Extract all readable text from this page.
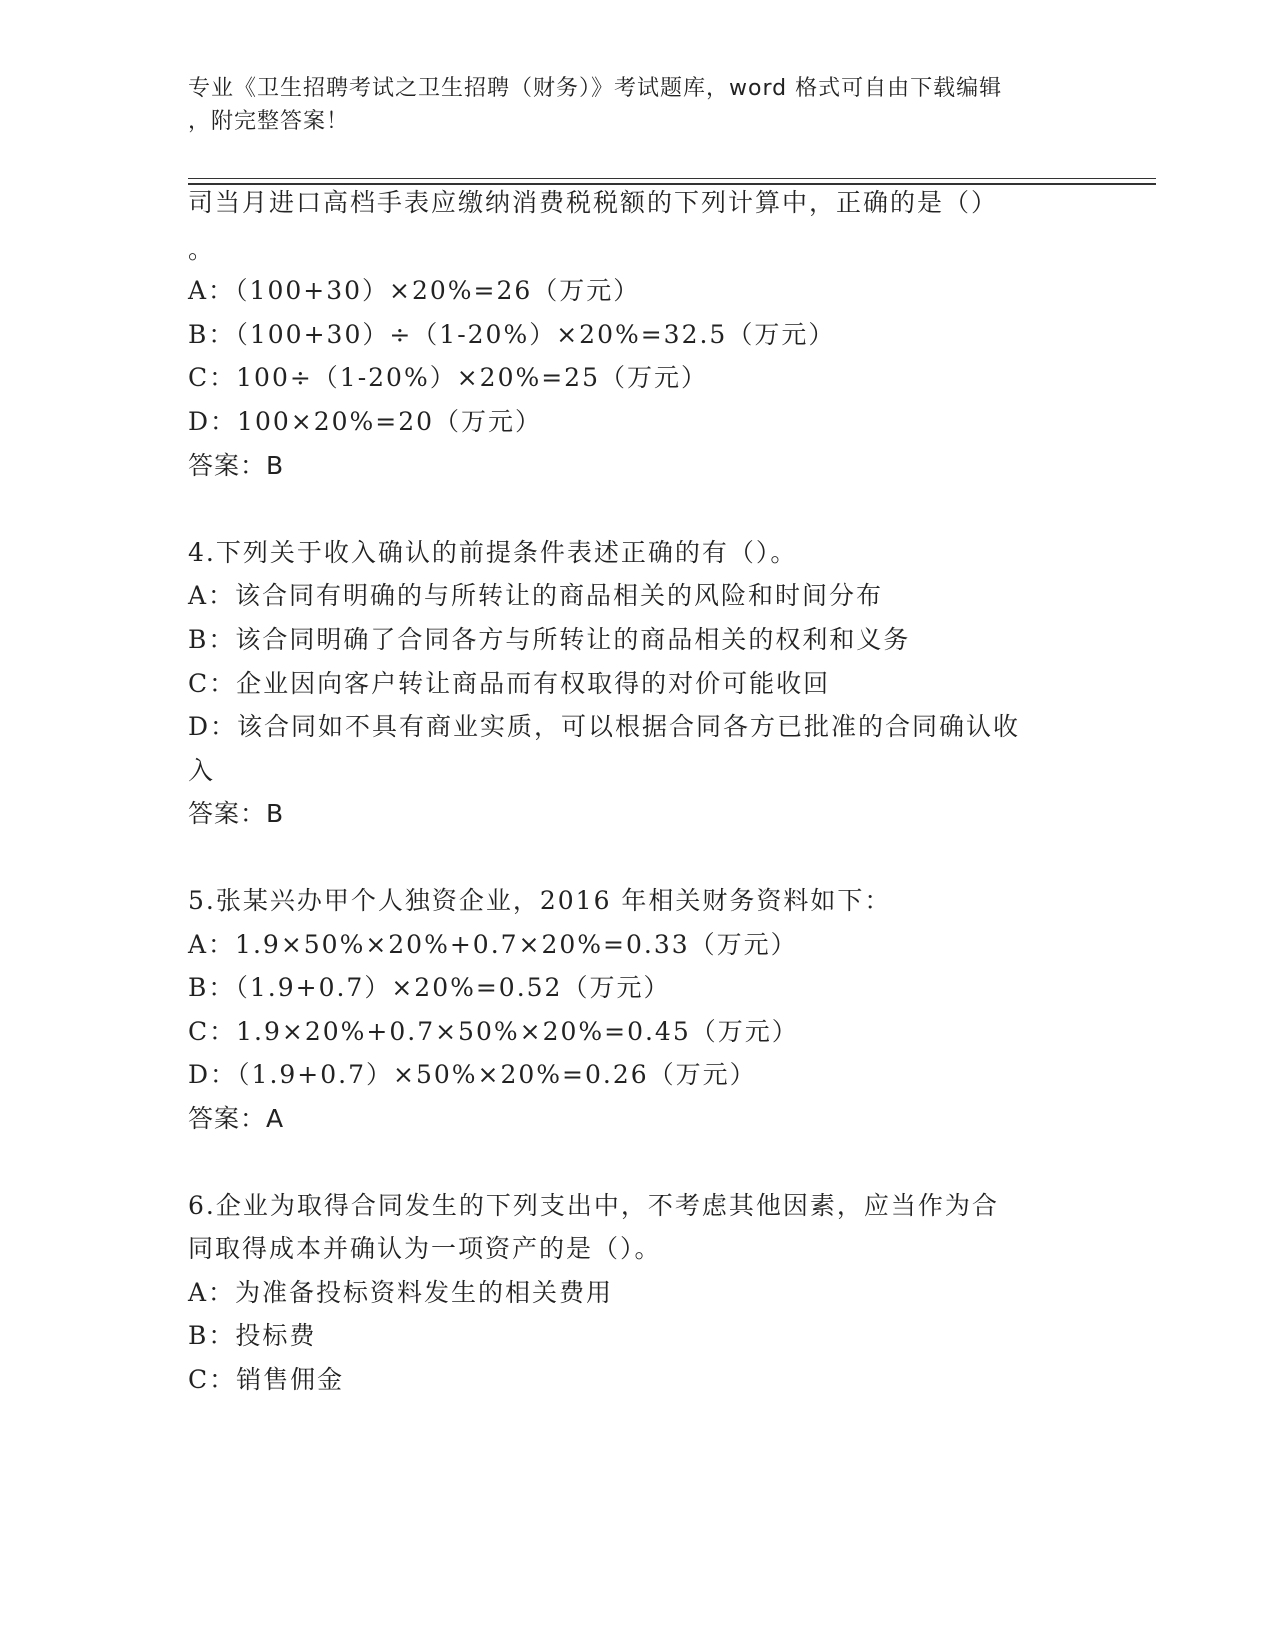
专业《卫生招聘考试之卫生招聘（财务）》考试题库，word 格式可自由下载编辑
，附完整答案！
司当月进口高档手表应缴纳消费税税额的下列计算中，正确的是（）
。
A：（100+30）×20%=26（万元）
B：（100+30）÷（1-20%）×20%=32.5（万元）
C：100÷（1-20%）×20%=25（万元）
D：100×20%=20（万元）
答案：B
4.下列关于收入确认的前提条件表述正确的有（）。
A：该合同有明确的与所转让的商品相关的风险和时间分布
B：该合同明确了合同各方与所转让的商品相关的权利和义务
C：企业因向客户转让商品而有权取得的对价可能收回
D：该合同如不具有商业实质，可以根据合同各方已批准的合同确认收
入
答案：B
5.张某兴办甲个人独资企业，2016 年相关财务资料如下：
A：1.9×50%×20%+0.7×20%=0.33（万元）
B：（1.9+0.7）×20%=0.52（万元）
C：1.9×20%+0.7×50%×20%=0.45（万元）
D：（1.9+0.7）×50%×20%=0.26（万元）
答案：A
6.企业为取得合同发生的下列支出中，不考虑其他因素，应当作为合
同取得成本并确认为一项资产的是（）。
A：为准备投标资料发生的相关费用
B：投标费
C：销售佣金
